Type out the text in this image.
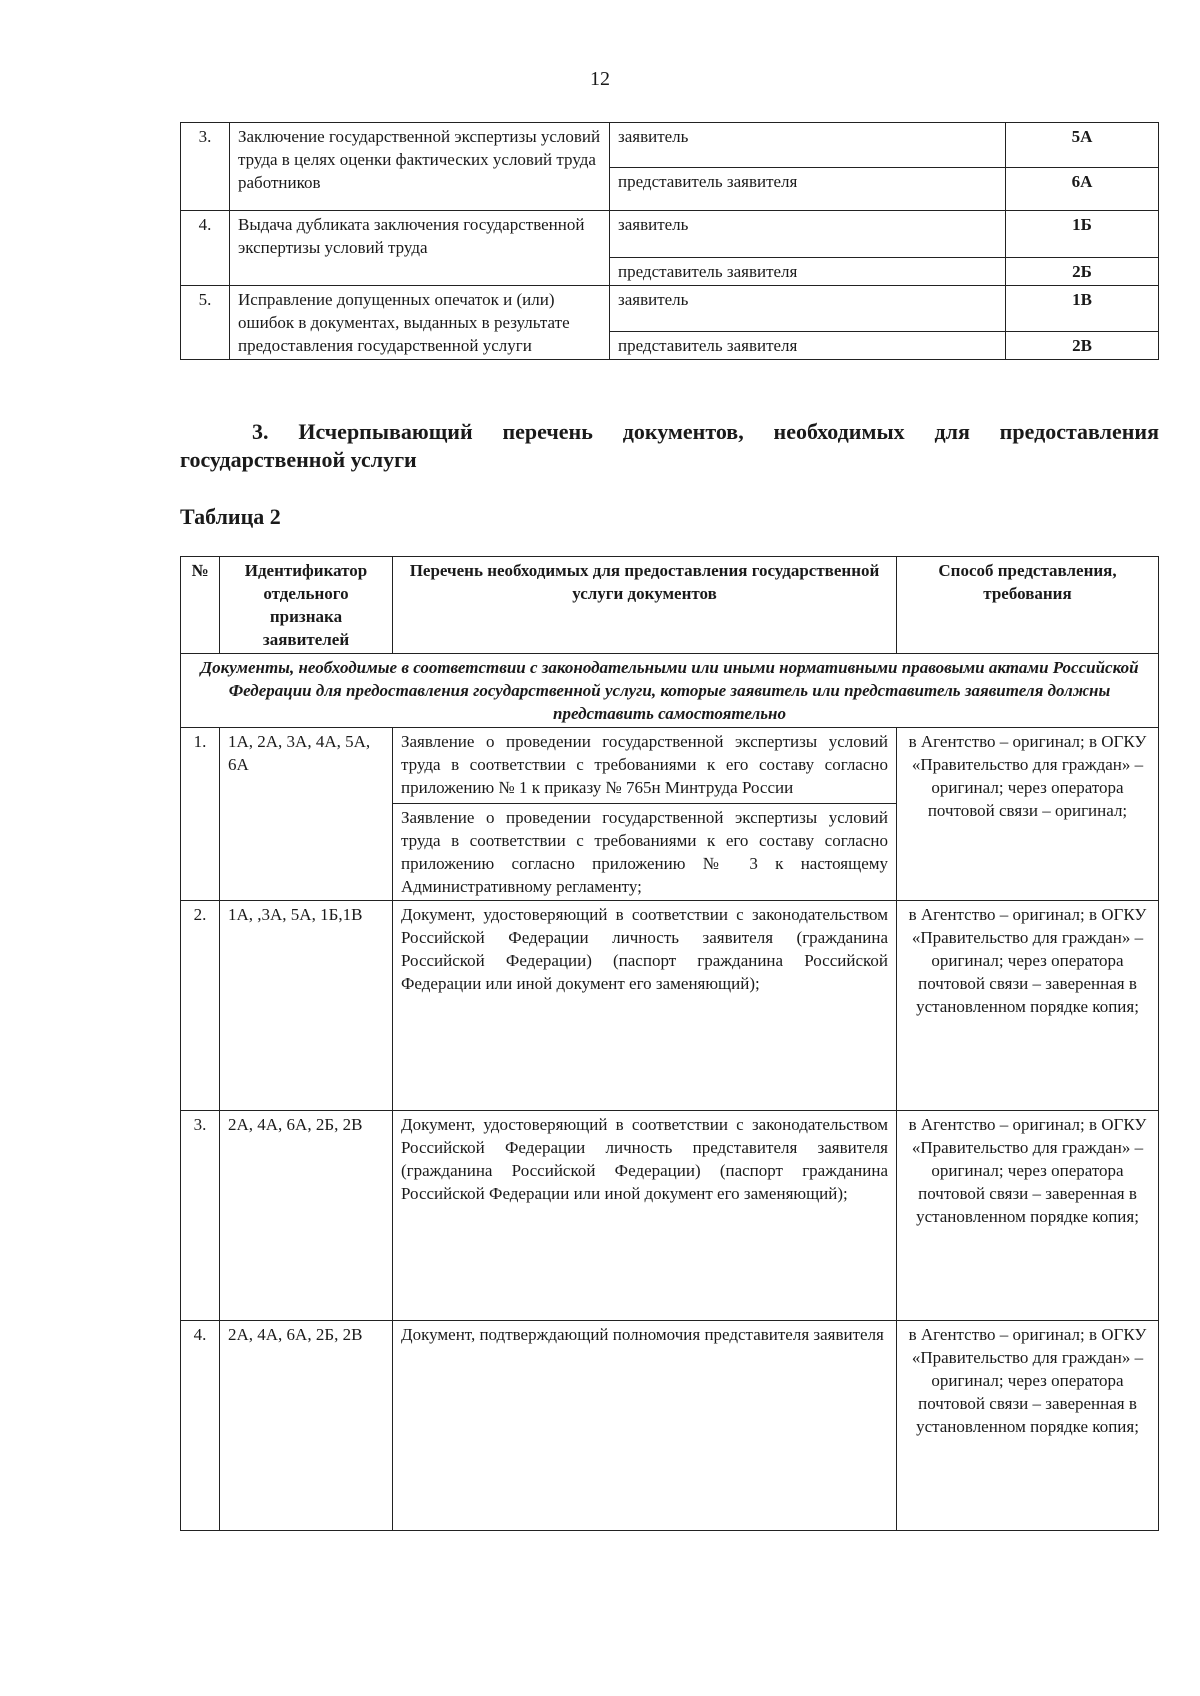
12
3.	Заключение государственной экспертизы условий труда в целях оценки фактических условий труда работников	заявитель	5А
		представитель заявителя	6А
4.	Выдача дубликата заключения государственной экспертизы условий труда	заявитель	1Б
		представитель заявителя	2Б
5.	Исправление допущенных опечаток и (или) ошибок в документах, выданных в результате предоставления государственной услуги	заявитель	1В
		представитель заявителя	2В
3. Исчерпывающий перечень документов, необходимых для предоставления государственной услуги
Таблица 2
№	Идентификатор отдельного признака заявителей	Перечень необходимых для предоставления государственной услуги документов	Способ представления, требования
Документы, необходимые в соответствии с законодательными или иными нормативными правовыми актами Российской Федерации для предоставления государственной услуги, которые заявитель или представитель заявителя должны представить самостоятельно			
1.	1А, 2А, 3А, 4А, 5А, 6А	Заявление о проведении государственной экспертизы условий труда в соответствии с требованиями к его составу согласно приложению № 1 к приказу № 765н Минтруда России
Заявление о проведении государственной экспертизы условий труда в соответствии с требованиями к его составу согласно приложению согласно приложению № 3 к настоящему Административному регламенту;	в Агентство – оригинал; в ОГКУ «Правительство для граждан» – оригинал; через оператора почтовой связи – оригинал;
2.	1А, ,3А, 5А, 1Б,1В	Документ, удостоверяющий в соответствии с законодательством Российской Федерации личность заявителя (гражданина Российской Федерации) (паспорт гражданина Российской Федерации или иной документ его заменяющий);	в Агентство – оригинал; в ОГКУ «Правительство для граждан» – оригинал; через оператора почтовой связи – заверенная в установленном порядке копия;
3.	2А, 4А, 6А, 2Б, 2В	Документ, удостоверяющий в соответствии с законодательством Российской Федерации личность представителя заявителя (гражданина Российской Федерации) (паспорт гражданина Российской Федерации или иной документ его заменяющий);	в Агентство – оригинал; в ОГКУ «Правительство для граждан» – оригинал; через оператора почтовой связи – заверенная в установленном порядке копия;
4.	2А, 4А, 6А, 2Б, 2В	Документ, подтверждающий полномочия представителя заявителя	в Агентство – оригинал; в ОГКУ «Правительство для граждан» – оригинал; через оператора почтовой связи – заверенная в установленном порядке копия;
